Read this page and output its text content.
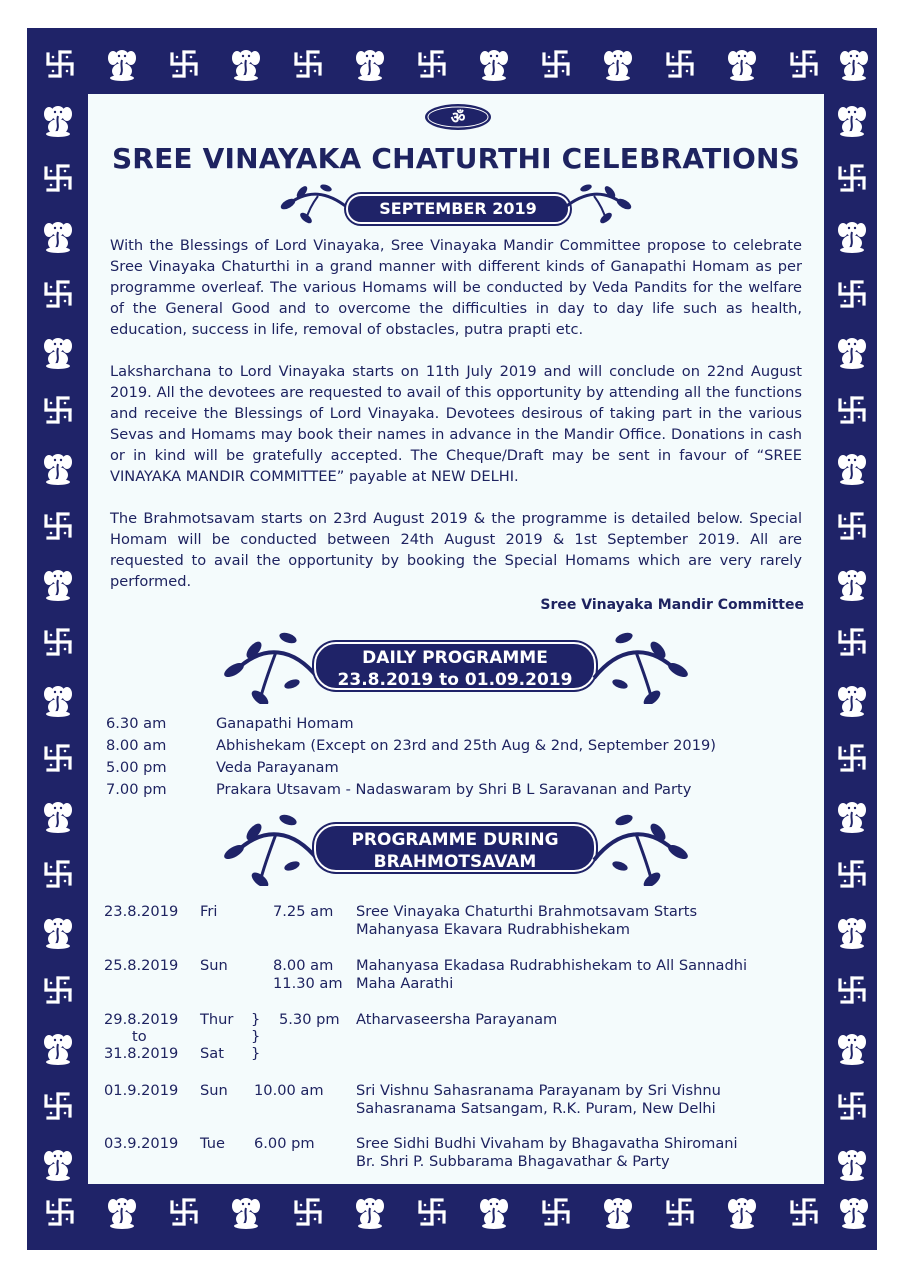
ॐ
SREE VINAYAKA CHATURTHI CELEBRATIONS
SEPTEMBER 2019
With the Blessings of Lord Vinayaka, Sree Vinayaka Mandir Committee propose to celebrate Sree Vinayaka Chaturthi in a grand manner with different kinds of Ganapathi Homam as per programme overleaf. The various Homams will be conducted by Veda Pandits for the welfare of the General Good and to overcome the difficulties in day to day life such as health, education, success in life, removal of obstacles, putra prapti etc.
Laksharchana to Lord Vinayaka starts on 11th July 2019 and will conclude on 22nd August 2019. All the devotees are requested to avail of this opportunity by attending all the functions and receive the Blessings of Lord Vinayaka. Devotees desirous of taking part in the various Sevas and Homams may book their names in advance in the Mandir Office. Donations in cash or in kind will be gratefully accepted. The Cheque/Draft may be sent in favour of “SREE VINAYAKA MANDIR COMMITTEE” payable at NEW DELHI.
The Brahmotsavam starts on 23rd August 2019 & the programme is detailed below. Special Homam will be conducted between 24th August 2019 & 1st September 2019. All are requested to avail the opportunity by booking the Special Homams which are very rarely performed.
Sree Vinayaka Mandir Committee
DAILY PROGRAMME
23.8.2019 to 01.09.2019
6.30 am	Ganapathi Homam
8.00 am	Abhishekam (Except on 23rd and 25th Aug & 2nd, September 2019)
5.00 pm	Veda Parayanam
7.00 pm	Prakara Utsavam - Nadaswaram by Shri B L Saravanan and Party
PROGRAMME DURING
BRAHMOTSAVAM
23.8.2019 Fri	7.25 am Sree Vinayaka Chaturthi Brahmotsavam Starts
Mahanyasa Ekavara Rudrabhishekam
25.8.2019 Sun	8.00 am Mahanyasa Ekadasa Rudrabhishekam to All Sannadhi
11.30 am Maha Aarathi
29.8.2019 Thur } 5.30 pm Atharvaseersha Parayanam
to	}
31.8.2019 Sat }
01.9.2019 Sun 10.00 am Sri Vishnu Sahasranama Parayanam by Sri Vishnu
Sahasranama Satsangam, R.K. Puram, New Delhi
03.9.2019 Tue 6.00 pm	Sree Sidhi Budhi Vivaham by Bhagavatha Shiromani
Br. Shri P. Subbarama Bhagavathar & Party
